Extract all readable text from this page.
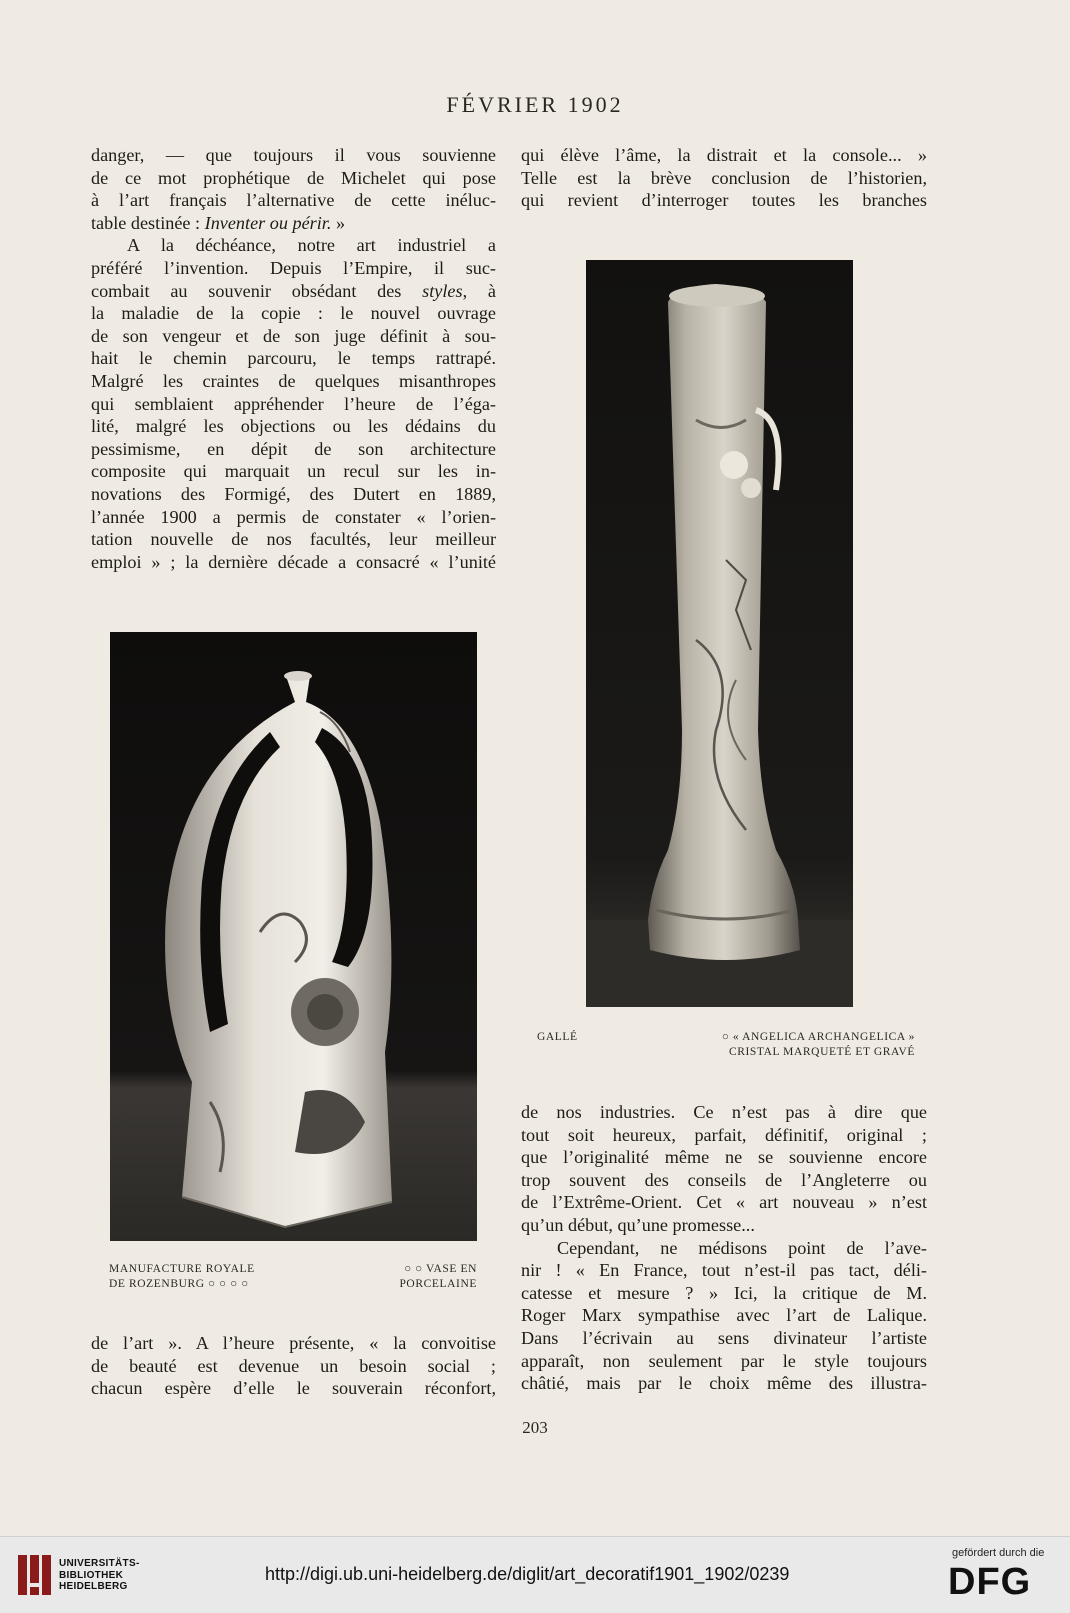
FÉVRIER 1902

danger, — que toujours il vous souvienne

de ce mot prophétique de Michelet qui pose

à l’art français l’alternative de cette inéluc-

table destinée : Inventer ou périr. »

A la déchéance, notre art industriel a

préféré l’invention. Depuis l’Empire, il suc-

combait au souvenir obsédant des styles, à

la maladie de la copie : le nouvel ouvrage

de son vengeur et de son juge définit à sou-

hait le chemin parcouru, le temps rattrapé.

Malgré les craintes de quelques misanthropes

qui semblaient appréhender l’heure de l’éga-

lité, malgré les objections ou les dédains du

pessimisme, en dépit de son architecture

composite qui marquait un recul sur les in-

novations des Formigé, des Dutert en 1889,

l’année 1900 a permis de constater « l’orien-

tation nouvelle de nos facultés, leur meilleur

emploi » ; la dernière décade a consacré « l’unité

qui élève l’âme, la distrait et la console... »

Telle est la brève conclusion de l’historien,

qui revient d’interroger toutes les branches

GALLÉ	○ « ANGELICA ARCHANGELICA »
CRISTAL MARQUETÉ ET GRAVÉ
MANUFACTURE ROYALE
DE ROZENBURG ○ ○ ○ ○
○ ○ VASE EN
PORCELAINE

de l’art ». A l’heure présente, « la convoitise

de beauté est devenue un besoin social ;

chacun espère d’elle le souverain réconfort,

de nos industries. Ce n’est pas à dire que

tout soit heureux, parfait, définitif, original ;

que l’originalité même ne se souvienne encore

trop souvent des conseils de l’Angleterre ou

de l’Extrême-Orient. Cet « art nouveau » n’est

qu’un début, qu’une promesse...

Cependant, ne médisons point de l’ave-

nir ! « En France, tout n’est-il pas tact, déli-

catesse et mesure ? » Ici, la critique de M.

Roger Marx sympathise avec l’art de Lalique.

Dans l’écrivain au sens divinateur l’artiste

apparaît, non seulement par le style toujours

châtié, mais par le choix même des illustra-

203
UNIVERSITÄTS-
BIBLIOTHEK
HEIDELBERG
http://digi.ub.uni-heidelberg.de/diglit/art_decoratif1901_1902/0239
gefördert durch die
DFG
